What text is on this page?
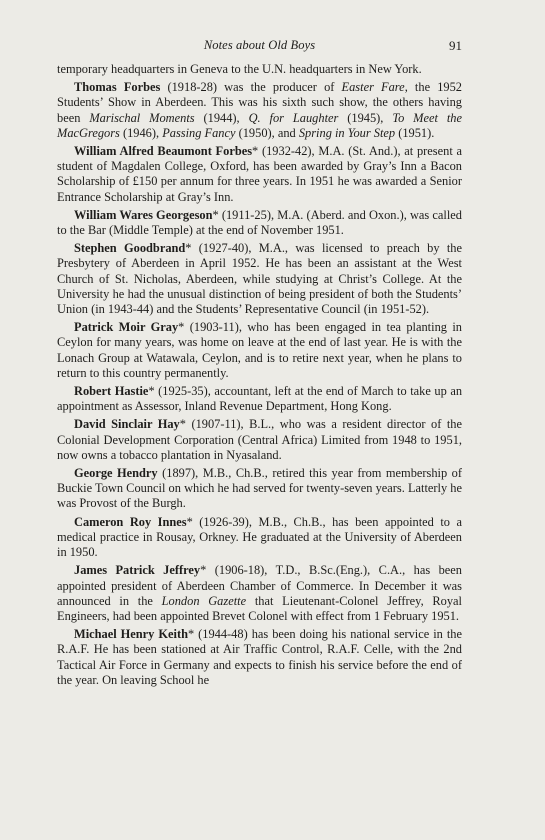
Notes about Old Boys	91

temporary headquarters in Geneva to the U.N. headquarters in New York.

Thomas Forbes (1918-28) was the producer of Easter Fare, the 1952 Students’ Show in Aberdeen. This was his sixth such show, the others having been Marischal Moments (1944), Q. for Laughter (1945), To Meet the MacGregors (1946), Passing Fancy (1950), and Spring in Your Step (1951).

William Alfred Beaumont Forbes* (1932-42), M.A. (St. And.), at present a student of Magdalen College, Oxford, has been awarded by Gray’s Inn a Bacon Scholarship of £150 per annum for three years. In 1951 he was awarded a Senior Entrance Scholarship at Gray’s Inn.

William Wares Georgeson* (1911-25), M.A. (Aberd. and Oxon.), was called to the Bar (Middle Temple) at the end of November 1951.

Stephen Goodbrand* (1927-40), M.A., was licensed to preach by the Presbytery of Aberdeen in April 1952. He has been an assistant at the West Church of St. Nicholas, Aberdeen, while studying at Christ’s College. At the University he had the unusual distinction of being president of both the Students’ Union (in 1943-44) and the Students’ Representative Council (in 1951-52).

Patrick Moir Gray* (1903-11), who has been engaged in tea planting in Ceylon for many years, was home on leave at the end of last year. He is with the Lonach Group at Watawala, Ceylon, and is to retire next year, when he plans to return to this country permanently.

Robert Hastie* (1925-35), accountant, left at the end of March to take up an appointment as Assessor, Inland Revenue Department, Hong Kong.

David Sinclair Hay* (1907-11), B.L., who was a resident director of the Colonial Development Corporation (Central Africa) Limited from 1948 to 1951, now owns a tobacco plantation in Nyasaland.

George Hendry (1897), M.B., Ch.B., retired this year from membership of Buckie Town Council on which he had served for twenty-seven years. Latterly he was Provost of the Burgh.

Cameron Roy Innes* (1926-39), M.B., Ch.B., has been appointed to a medical practice in Rousay, Orkney. He graduated at the University of Aberdeen in 1950.

James Patrick Jeffrey* (1906-18), T.D., B.Sc.(Eng.), C.A., has been appointed president of Aberdeen Chamber of Commerce. In December it was announced in the London Gazette that Lieutenant-Colonel Jeffrey, Royal Engineers, had been appointed Brevet Colonel with effect from 1 February 1951.

Michael Henry Keith* (1944-48) has been doing his national service in the R.A.F. He has been stationed at Air Traffic Control, R.A.F. Celle, with the 2nd Tactical Air Force in Germany and expects to finish his service before the end of the year. On leaving School he
